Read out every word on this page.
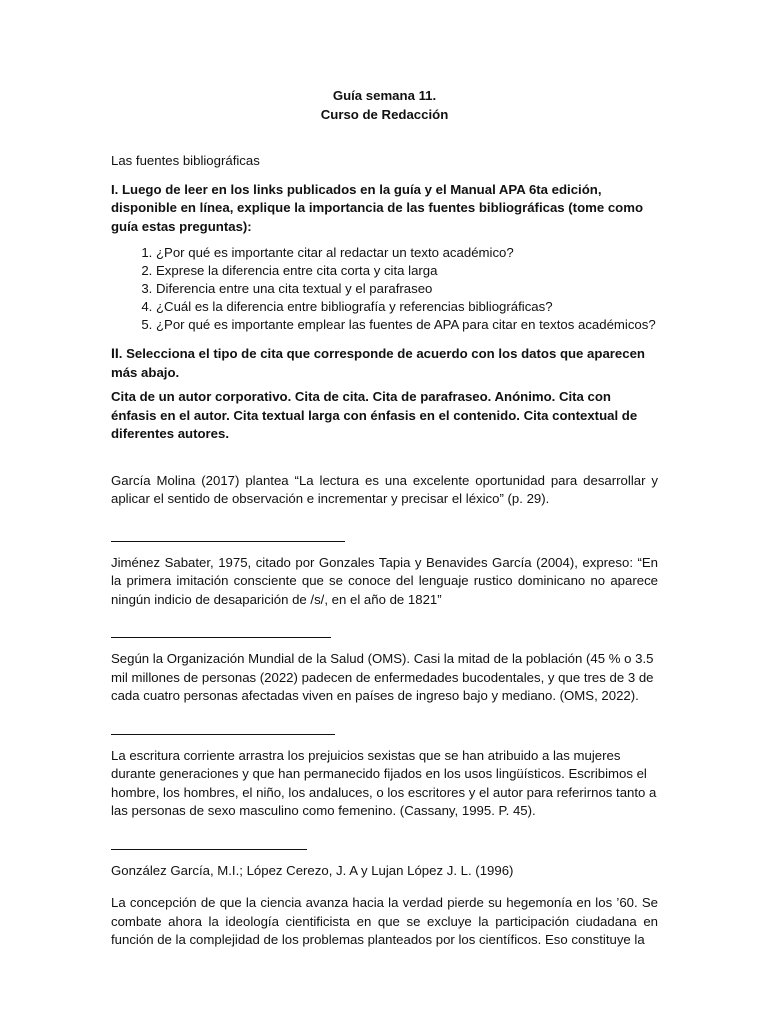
Guía semana 11.

Curso de Redacción

Las fuentes bibliográficas

I. Luego de leer en los links publicados en la guía y el Manual APA 6ta edición, disponible en línea, explique la importancia de las fuentes bibliográficas (tome como guía estas preguntas):

1. ¿Por qué es importante citar al redactar un texto académico?
2. Exprese la diferencia entre cita corta y cita larga
3. Diferencia entre una cita textual y el parafraseo
4. ¿Cuál es la diferencia entre bibliografía y referencias bibliográficas?
5. ¿Por qué es importante emplear las fuentes de APA para citar en textos académicos?

II. Selecciona el tipo de cita que corresponde de acuerdo con los datos que aparecen más abajo.

Cita de un autor corporativo. Cita de cita. Cita de parafraseo. Anónimo. Cita con énfasis en el autor. Cita textual larga con énfasis en el contenido. Cita contextual de diferentes autores.

García Molina (2017) plantea “La lectura es una excelente oportunidad para desarrollar y aplicar el sentido de observación e incrementar y precisar el léxico” (p. 29).

Jiménez Sabater, 1975, citado por Gonzales Tapia y Benavides García (2004), expreso: “En la primera imitación consciente que se conoce del lenguaje rustico dominicano no aparece ningún indicio de desaparición de /s/, en el año de 1821”

Según la Organización Mundial de la Salud (OMS). Casi la mitad de la población (45 % o 3.5 mil millones de personas (2022) padecen de enfermedades bucodentales, y que tres de 3 de cada cuatro personas afectadas viven en países de ingreso bajo y mediano. (OMS, 2022).

La escritura corriente arrastra los prejuicios sexistas que se han atribuido a las mujeres durante generaciones y que han permanecido fijados en los usos lingüísticos. Escribimos el hombre, los hombres, el niño, los andaluces, o los escritores y el autor para referirnos tanto a las personas de sexo masculino como femenino. (Cassany, 1995. P. 45).

González García, M.I.; López Cerezo, J. A y Lujan López J. L. (1996)

La concepción de que la ciencia avanza hacia la verdad pierde su hegemonía en los ’60. Se combate ahora la ideología cientificista en que se excluye la participación ciudadana en función de la complejidad de los problemas planteados por los científicos. Eso constituye la
